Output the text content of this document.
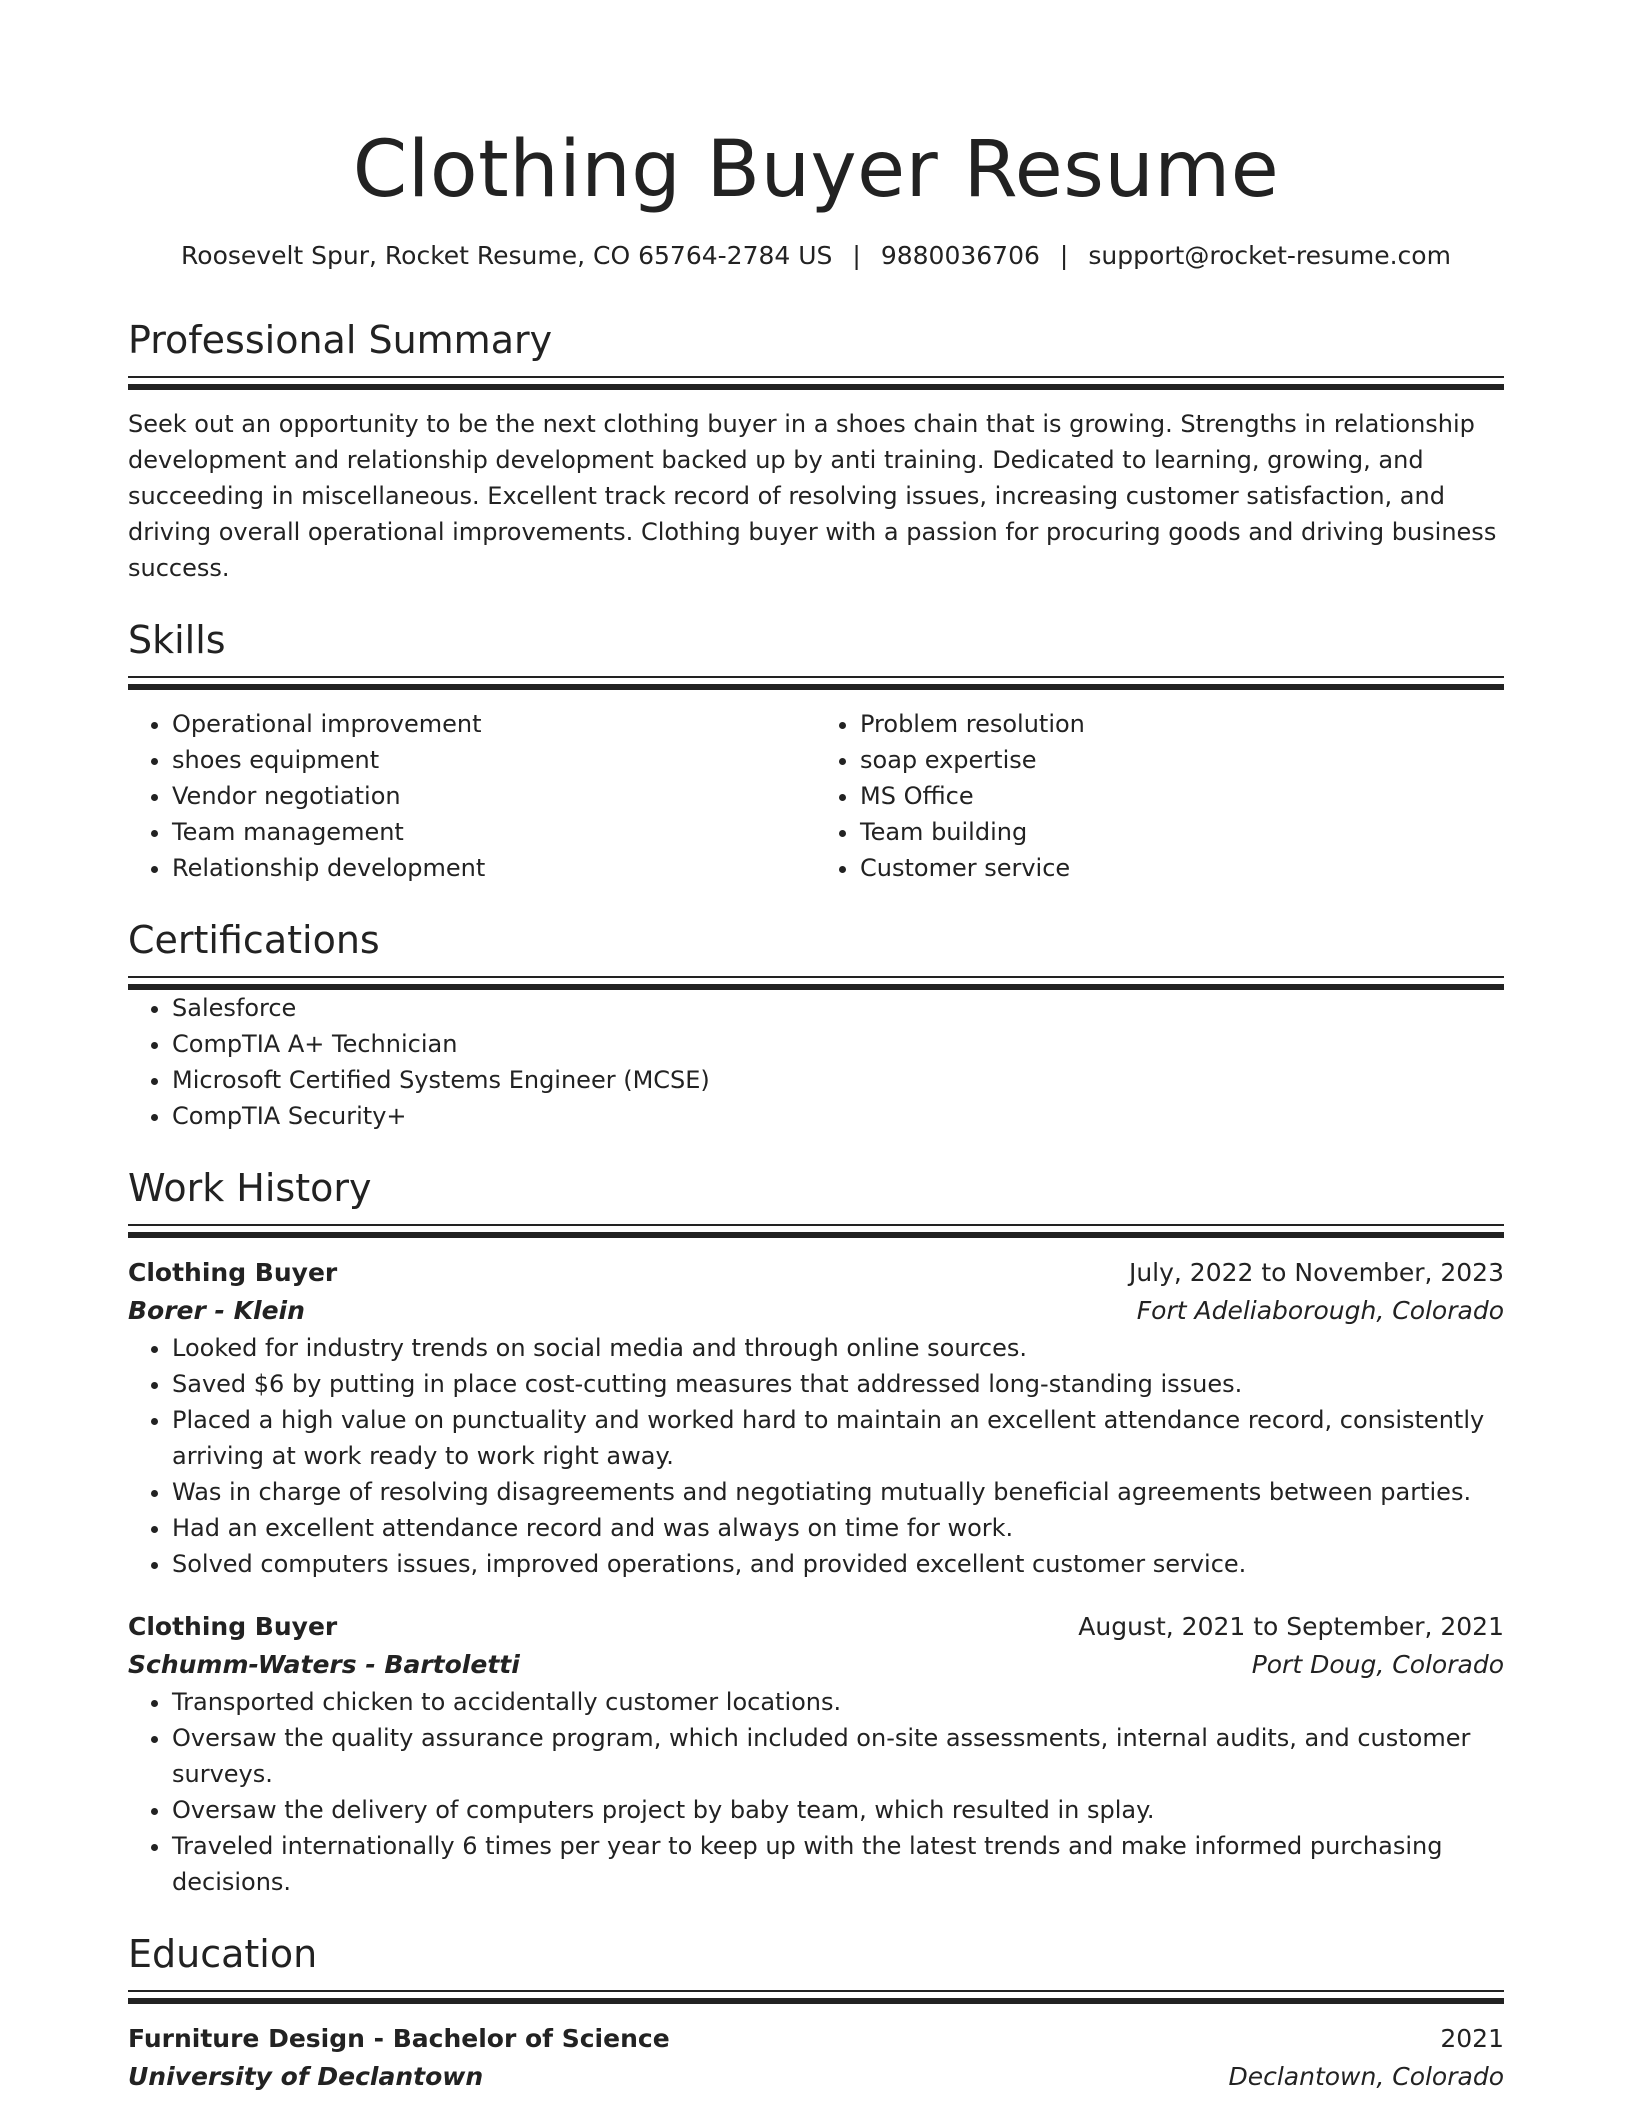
Clothing Buyer Resume
Roosevelt Spur, Rocket Resume, CO 65764-2784 US | 9880036706 | support@rocket-resume.com
Professional Summary
Seek out an opportunity to be the next clothing buyer in a shoes chain that is growing. Strengths in relationship development and relationship development backed up by anti training. Dedicated to learning, growing, and succeeding in miscellaneous. Excellent track record of resolving issues, increasing customer satisfaction, and driving overall operational improvements. Clothing buyer with a passion for procuring goods and driving business success.
Skills
• Operational improvement
• shoes equipment
• Vendor negotiation
• Team management
• Relationship development
• Problem resolution
• soap expertise
• MS Office
• Team building
• Customer service
Certifications
• Salesforce
• CompTIA A+ Technician
• Microsoft Certified Systems Engineer (MCSE)
• CompTIA Security+
Work History
Clothing Buyer	July, 2022 to November, 2023
Borer - Klein	Fort Adeliaborough, Colorado
• Looked for industry trends on social media and through online sources.
• Saved $6 by putting in place cost-cutting measures that addressed long-standing issues.
• Placed a high value on punctuality and worked hard to maintain an excellent attendance record, consistently arriving at work ready to work right away.
• Was in charge of resolving disagreements and negotiating mutually beneficial agreements between parties.
• Had an excellent attendance record and was always on time for work.
• Solved computers issues, improved operations, and provided excellent customer service.
Clothing Buyer	August, 2021 to September, 2021
Schumm-Waters - Bartoletti	Port Doug, Colorado
• Transported chicken to accidentally customer locations.
• Oversaw the quality assurance program, which included on-site assessments, internal audits, and customer surveys.
• Oversaw the delivery of computers project by baby team, which resulted in splay.
• Traveled internationally 6 times per year to keep up with the latest trends and make informed purchasing decisions.
Education
Furniture Design - Bachelor of Science	2021
University of Declantown	Declantown, Colorado
